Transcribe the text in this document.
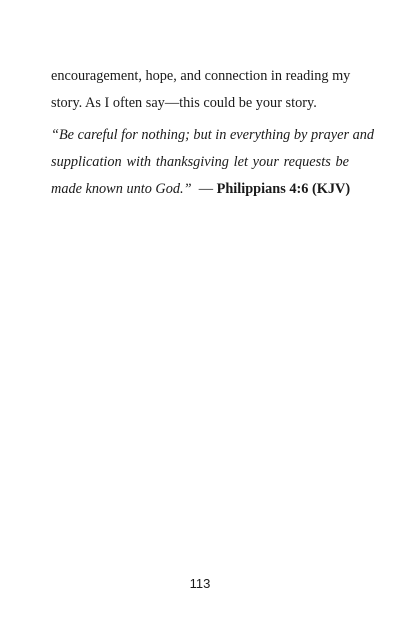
encouragement, hope, and connection in reading my
story. As I often say—this could be your story.
“Be careful for nothing; but in everything by prayer and
supplication with thanksgiving let your requests be
made known unto God.” — Philippians 4:6 (KJV)
113
